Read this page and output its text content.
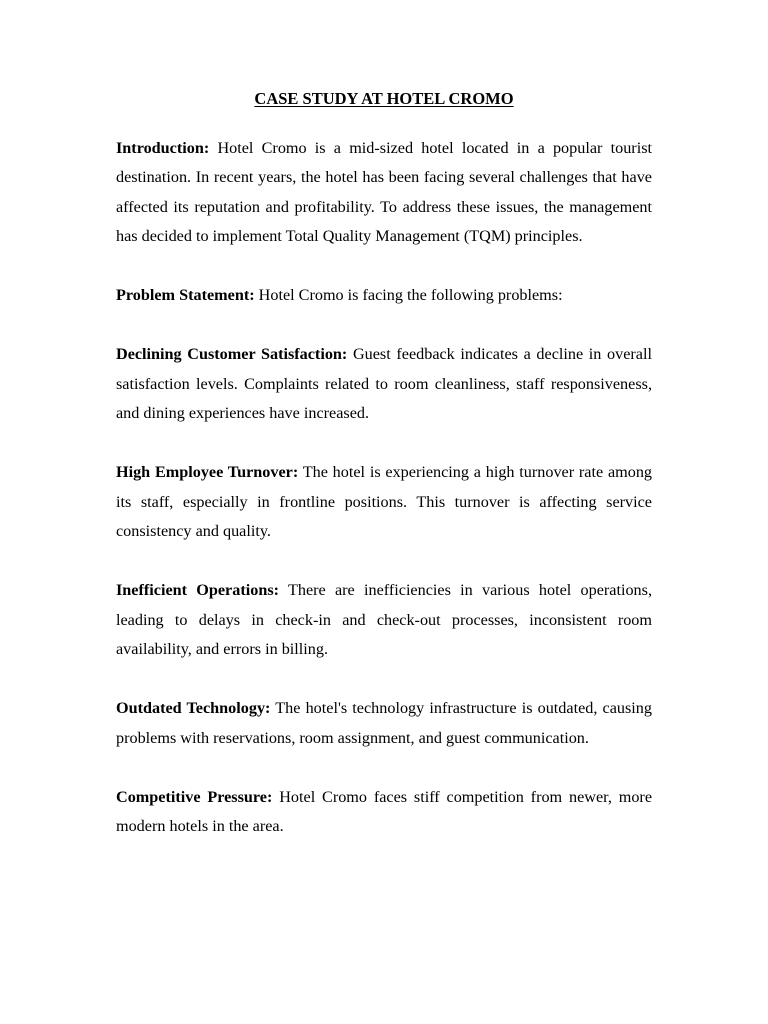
CASE STUDY AT HOTEL CROMO

Introduction: Hotel Cromo is a mid-sized hotel located in a popular tourist destination. In recent years, the hotel has been facing several challenges that have affected its reputation and profitability. To address these issues, the management has decided to implement Total Quality Management (TQM) principles.

Problem Statement: Hotel Cromo is facing the following problems:

Declining Customer Satisfaction: Guest feedback indicates a decline in overall satisfaction levels. Complaints related to room cleanliness, staff responsiveness, and dining experiences have increased.

High Employee Turnover: The hotel is experiencing a high turnover rate among its staff, especially in frontline positions. This turnover is affecting service consistency and quality.

Inefficient Operations: There are inefficiencies in various hotel operations, leading to delays in check-in and check-out processes, inconsistent room availability, and errors in billing.

Outdated Technology: The hotel's technology infrastructure is outdated, causing problems with reservations, room assignment, and guest communication.

Competitive Pressure: Hotel Cromo faces stiff competition from newer, more modern hotels in the area.
